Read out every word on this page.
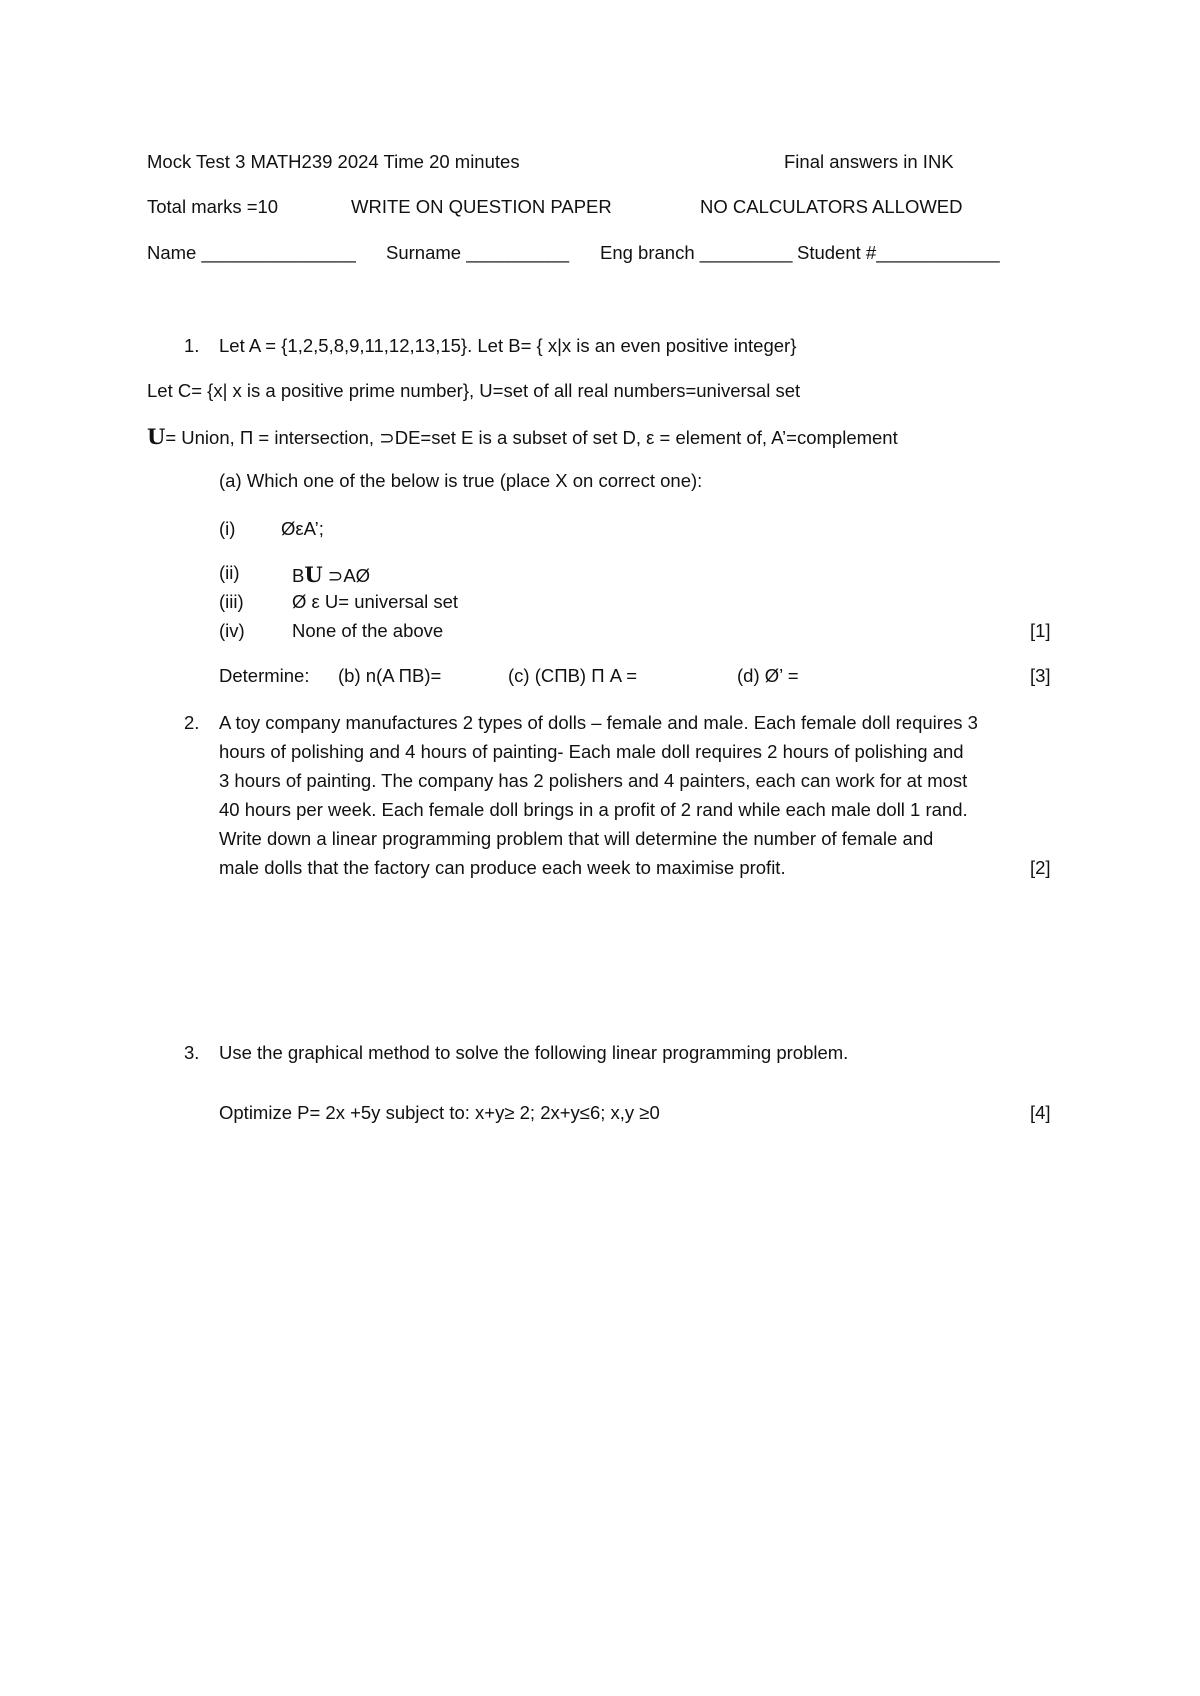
Mock Test 3 MATH239 2024 Time 20 minutes	Final answers in INK
Total marks =10	WRITE ON QUESTION PAPER	NO CALCULATORS ALLOWED
Name _______________ Surname __________ Eng branch _________ Student #____________
1. Let A = {1,2,5,8,9,11,12,13,15}. Let B= { x|x is an even positive integer}
Let C= {x| x is a positive prime number}, U=set of all real numbers=universal set
U= Union, Π = intersection, ⊃DE=set E is a subset of set D, ε = element of, A’=complement
(a) Which one of the below is true (place X on correct one):
(i) ØεA’;
(ii)	BU ⊃AØ
(iii)	Ø ε U= universal set
(iv)	None of the above	[1]
Determine: (b) n(A ΠB)=	(c) (CΠB) Π A =	(d) Ø’ =	[3]
2. A toy company manufactures 2 types of dolls – female and male. Each female doll requires 3
hours of polishing and 4 hours of painting- Each male doll requires 2 hours of polishing and
3 hours of painting. The company has 2 polishers and 4 painters, each can work for at most
40 hours per week. Each female doll brings in a profit of 2 rand while each male doll 1 rand.
Write down a linear programming problem that will determine the number of female and
male dolls that the factory can produce each week to maximise profit.	[2]
3. Use the graphical method to solve the following linear programming problem.
Optimize P= 2x +5y subject to: x+y≥ 2; 2x+y≤6; x,y ≥0	[4]
